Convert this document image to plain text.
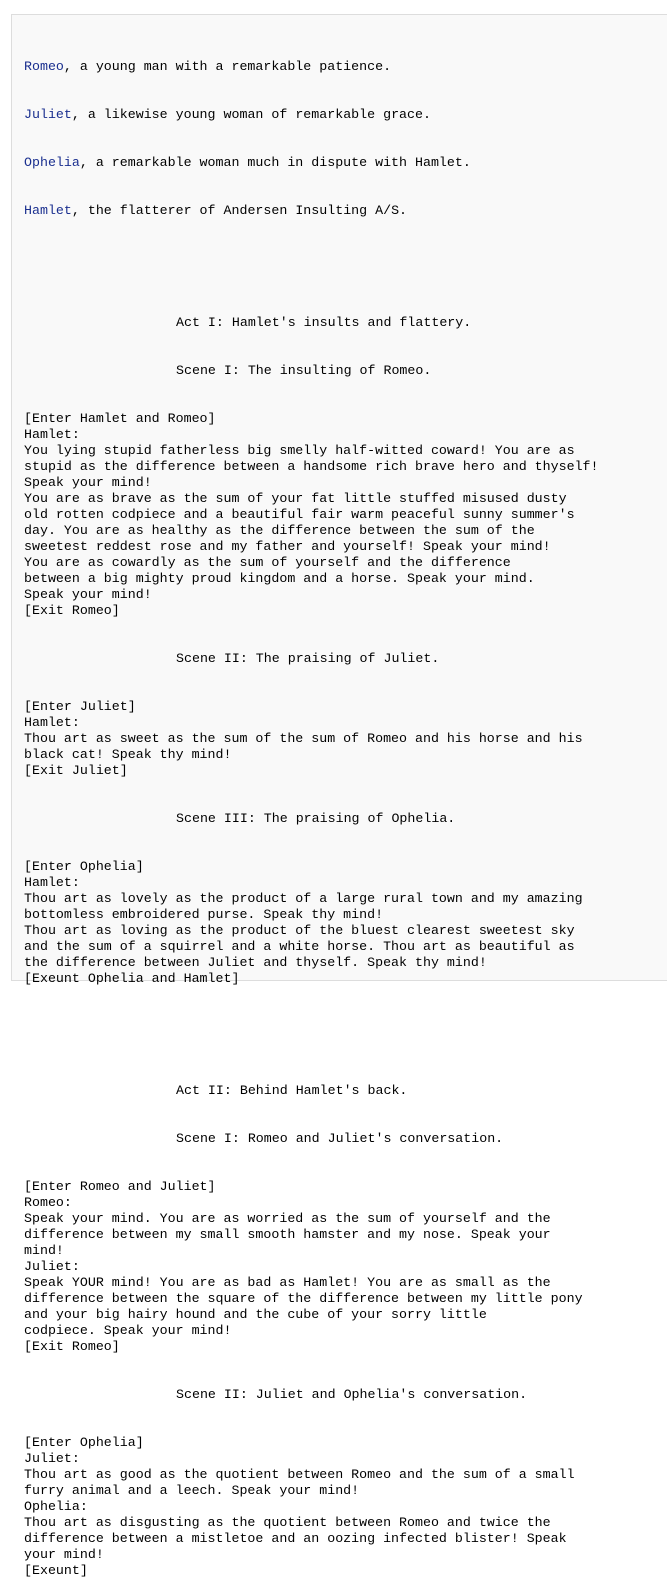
Romeo, a young man with a remarkable patience.

Juliet, a likewise young woman of remarkable grace.

Ophelia, a remarkable woman much in dispute with Hamlet.

Hamlet, the flatterer of Andersen Insulting A/S.

Act I: Hamlet's insults and flattery.

Scene I: The insulting of Romeo.

[Enter Hamlet and Romeo]
Hamlet:
You lying stupid fatherless big smelly half-witted coward! You are as
stupid as the difference between a handsome rich brave hero and thyself!
Speak your mind!
You are as brave as the sum of your fat little stuffed misused dusty
old rotten codpiece and a beautiful fair warm peaceful sunny summer's
day. You are as healthy as the difference between the sum of the
sweetest reddest rose and my father and yourself! Speak your mind!
You are as cowardly as the sum of yourself and the difference
between a big mighty proud kingdom and a horse. Speak your mind.
Speak your mind!
[Exit Romeo]

Scene II: The praising of Juliet.

[Enter Juliet]
Hamlet:
Thou art as sweet as the sum of the sum of Romeo and his horse and his
black cat! Speak thy mind!
[Exit Juliet]

Scene III: The praising of Ophelia.

[Enter Ophelia]
Hamlet:
Thou art as lovely as the product of a large rural town and my amazing
bottomless embroidered purse. Speak thy mind!
Thou art as loving as the product of the bluest clearest sweetest sky
and the sum of a squirrel and a white horse. Thou art as beautiful as
the difference between Juliet and thyself. Speak thy mind!
[Exeunt Ophelia and Hamlet]

Act II: Behind Hamlet's back.

Scene I: Romeo and Juliet's conversation.

[Enter Romeo and Juliet]
Romeo:
Speak your mind. You are as worried as the sum of yourself and the
difference between my small smooth hamster and my nose. Speak your
mind!
Juliet:
Speak YOUR mind! You are as bad as Hamlet! You are as small as the
difference between the square of the difference between my little pony
and your big hairy hound and the cube of your sorry little
codpiece. Speak your mind!
[Exit Romeo]

Scene II: Juliet and Ophelia's conversation.

[Enter Ophelia]
Juliet:
Thou art as good as the quotient between Romeo and the sum of a small
furry animal and a leech. Speak your mind!
Ophelia:
Thou art as disgusting as the quotient between Romeo and twice the
difference between a mistletoe and an oozing infected blister! Speak
your mind!
[Exeunt]
